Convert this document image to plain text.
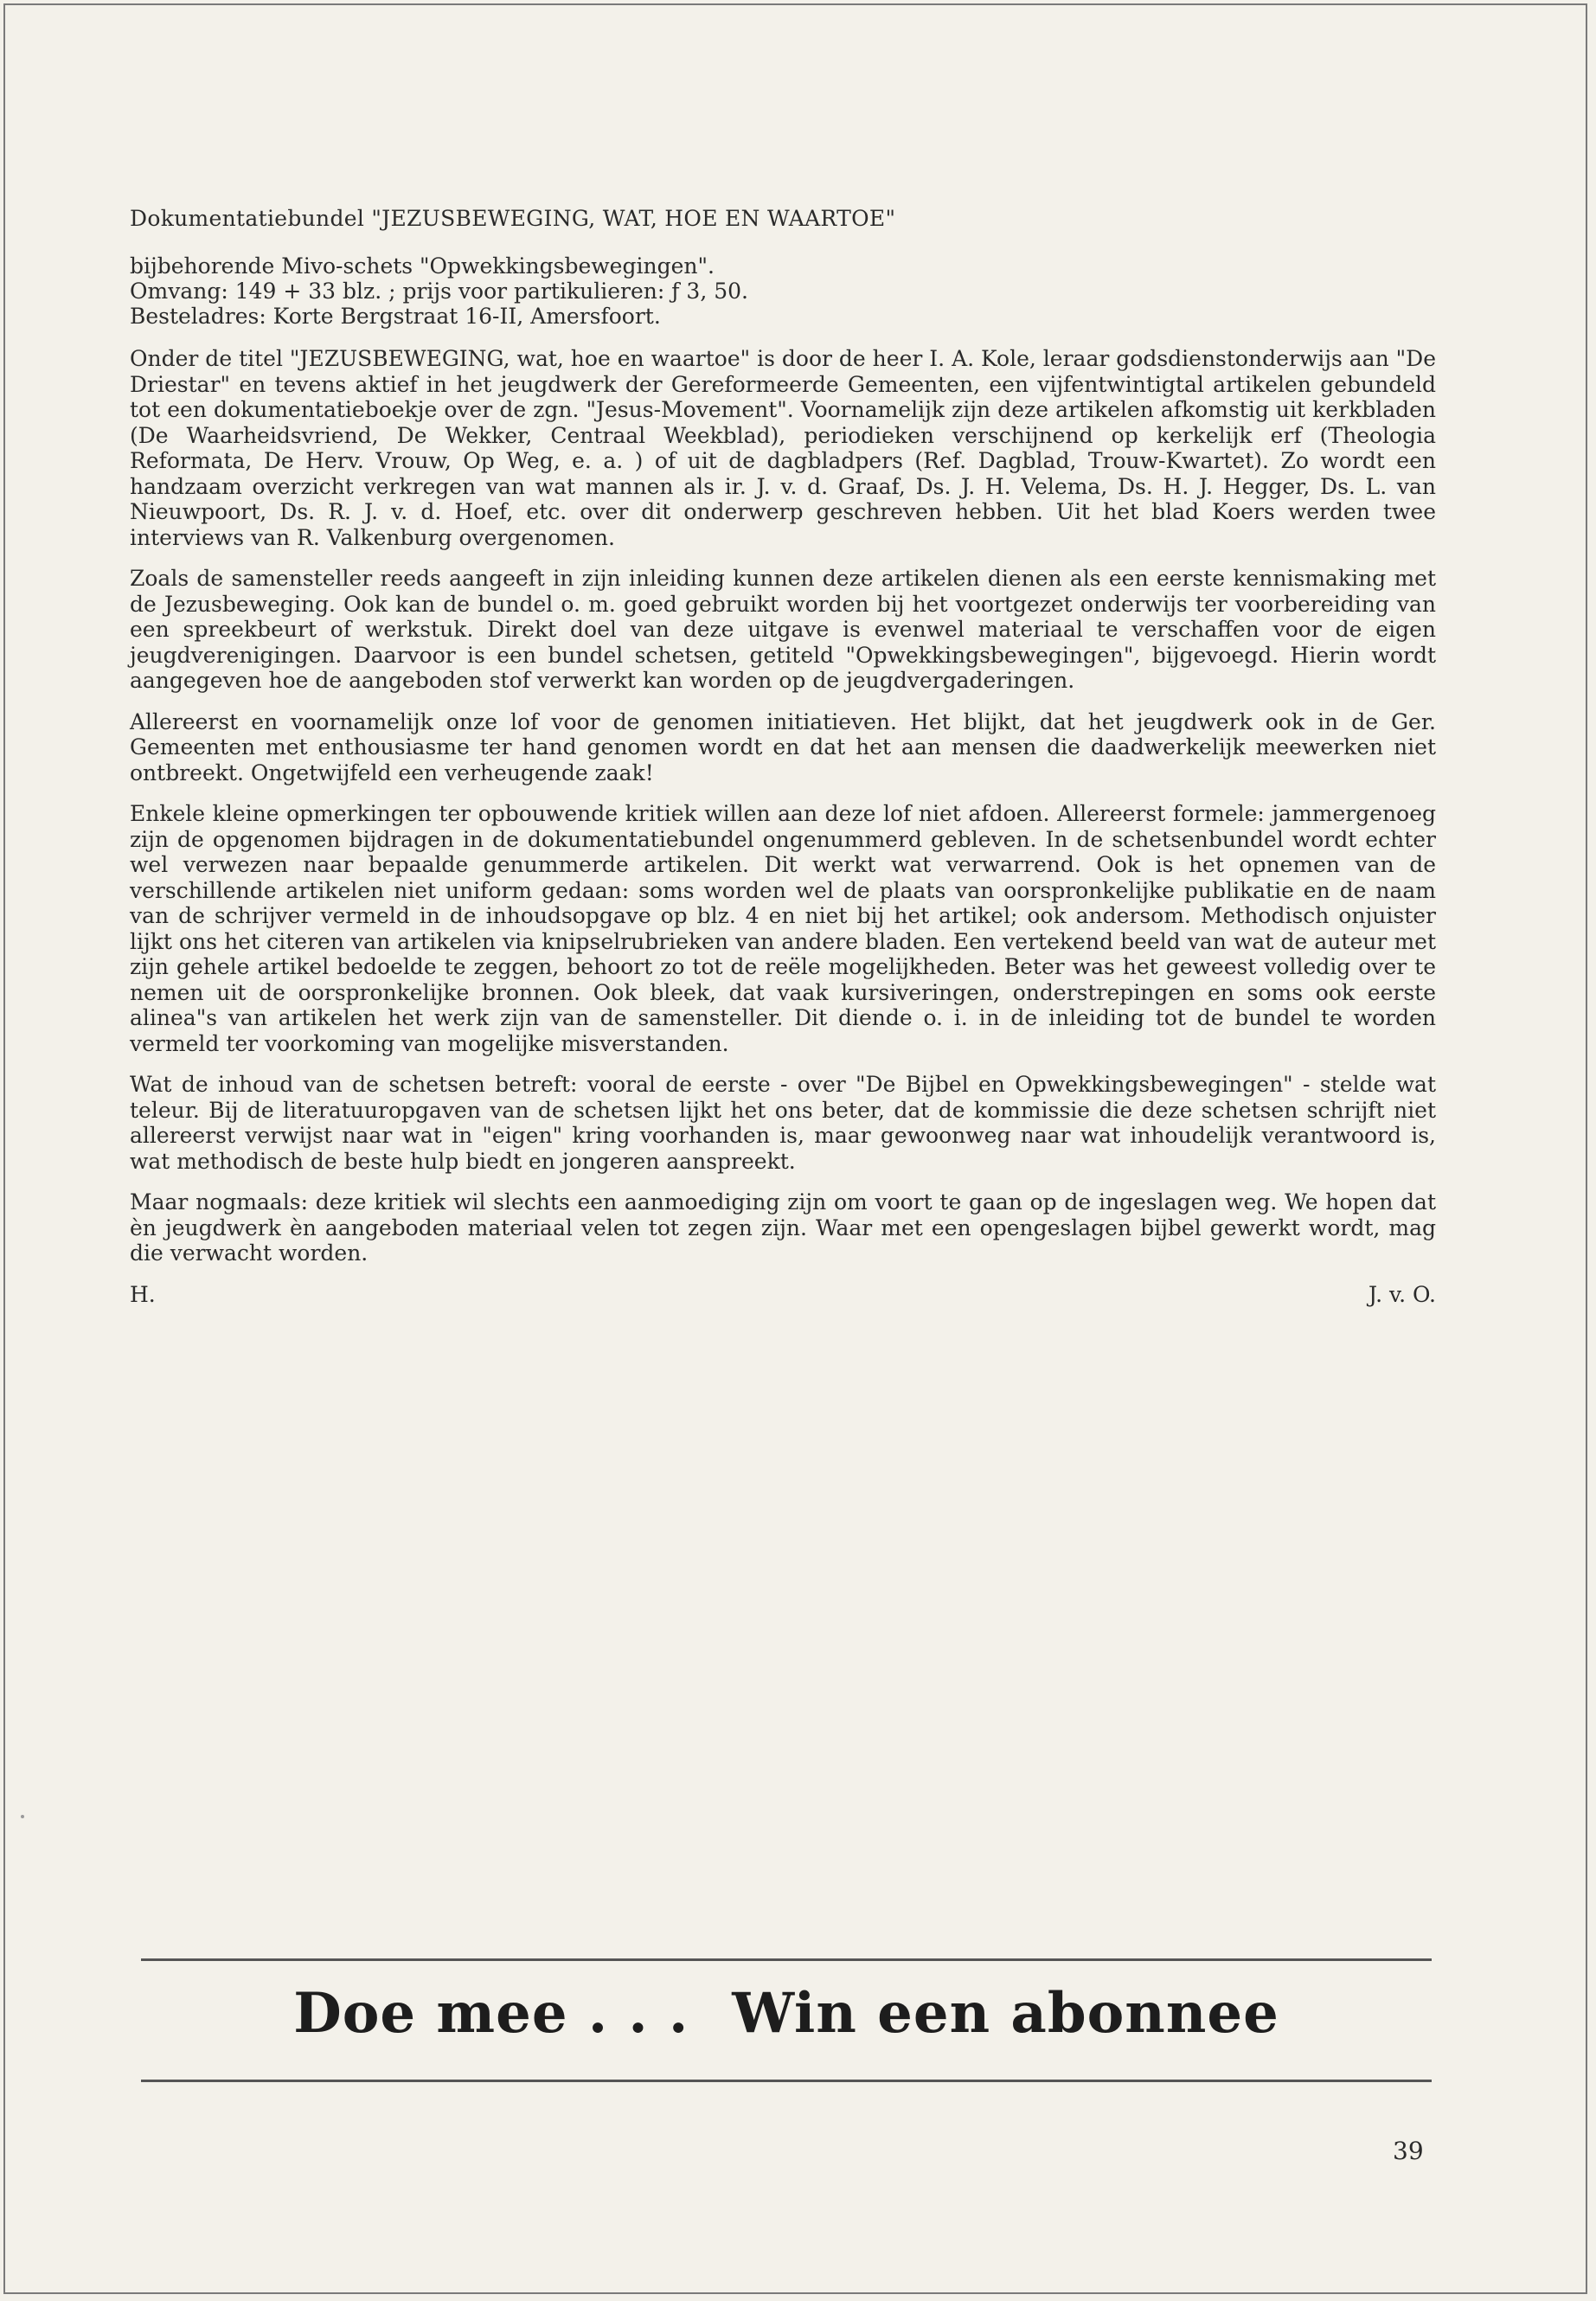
Dokumentatiebundel "JEZUSBEWEGING, WAT, HOE EN WAARTOE"

bijbehorende Mivo-schets "Opwekkingsbewegingen".

Omvang: 149 + 33 blz. ; prijs voor partikulieren: ƒ 3, 50.

Besteladres: Korte Bergstraat 16-II, Amersfoort.

Onder de titel "JEZUSBEWEGING, wat, hoe en waartoe" is door de heer I. A. Kole, leraar godsdienstonderwijs aan "De Driestar" en tevens aktief in het jeugdwerk der Gereformeerde Gemeenten, een vijfentwintigtal artikelen gebundeld tot een dokumentatieboekje over de zgn. "Jesus-Movement". Voornamelijk zijn deze artikelen afkomstig uit kerkbladen (De Waarheidsvriend, De Wekker, Centraal Weekblad), periodieken verschijnend op kerkelijk erf (Theologia Reformata, De Herv. Vrouw, Op Weg, e. a. ) of uit de dagbladpers (Ref. Dagblad, Trouw-Kwartet). Zo wordt een handzaam overzicht verkregen van wat mannen als ir. J. v. d. Graaf, Ds. J. H. Velema, Ds. H. J. Hegger, Ds. L. van Nieuwpoort, Ds. R. J. v. d. Hoef, etc. over dit onderwerp geschreven hebben. Uit het blad Koers werden twee interviews van R. Valkenburg overgenomen.

Zoals de samensteller reeds aangeeft in zijn inleiding kunnen deze artikelen dienen als een eerste kennismaking met de Jezusbeweging. Ook kan de bundel o. m. goed gebruikt worden bij het voortgezet onderwijs ter voorbereiding van een spreekbeurt of werkstuk. Direkt doel van deze uitgave is evenwel materiaal te verschaffen voor de eigen jeugdverenigingen. Daarvoor is een bundel schetsen, getiteld "Opwekkingsbewegingen", bijgevoegd. Hierin wordt aangegeven hoe de aangeboden stof verwerkt kan worden op de jeugdvergaderingen.

Allereerst en voornamelijk onze lof voor de genomen initiatieven. Het blijkt, dat het jeugdwerk ook in de Ger. Gemeenten met enthousiasme ter hand genomen wordt en dat het aan mensen die daadwerkelijk meewerken niet ontbreekt. Ongetwijfeld een verheugende zaak!

Enkele kleine opmerkingen ter opbouwende kritiek willen aan deze lof niet afdoen. Allereerst formele: jammergenoeg zijn de opgenomen bijdragen in de dokumentatiebundel ongenummerd gebleven. In de schetsenbundel wordt echter wel verwezen naar bepaalde genummerde artikelen. Dit werkt wat verwarrend. Ook is het opnemen van de verschillende artikelen niet uniform gedaan: soms worden wel de plaats van oorspronkelijke publikatie en de naam van de schrijver vermeld in de inhoudsopgave op blz. 4 en niet bij het artikel; ook andersom. Methodisch onjuister lijkt ons het citeren van artikelen via knipselrubrieken van andere bladen. Een vertekend beeld van wat de auteur met zijn gehele artikel bedoelde te zeggen, behoort zo tot de reële mogelijkheden. Beter was het geweest volledig over te nemen uit de oorspronkelijke bronnen. Ook bleek, dat vaak kursiveringen, onderstrepingen en soms ook eerste alinea"s van artikelen het werk zijn van de samensteller. Dit diende o. i. in de inleiding tot de bundel te worden vermeld ter voorkoming van mogelijke misverstanden.

Wat de inhoud van de schetsen betreft: vooral de eerste - over "De Bijbel en Opwekkingsbewegingen" - stelde wat teleur. Bij de literatuuropgaven van de schetsen lijkt het ons beter, dat de kommissie die deze schetsen schrijft niet allereerst verwijst naar wat in "eigen" kring voorhanden is, maar gewoonweg naar wat inhoudelijk verantwoord is, wat methodisch de beste hulp biedt en jongeren aanspreekt.

Maar nogmaals: deze kritiek wil slechts een aanmoediging zijn om voort te gaan op de ingeslagen weg. We hopen dat èn jeugdwerk èn aangeboden materiaal velen tot zegen zijn. Waar met een opengeslagen bijbel gewerkt wordt, mag die verwacht worden.

H.	J. v. O.
Doe mee . . . Win een abonnee
39
